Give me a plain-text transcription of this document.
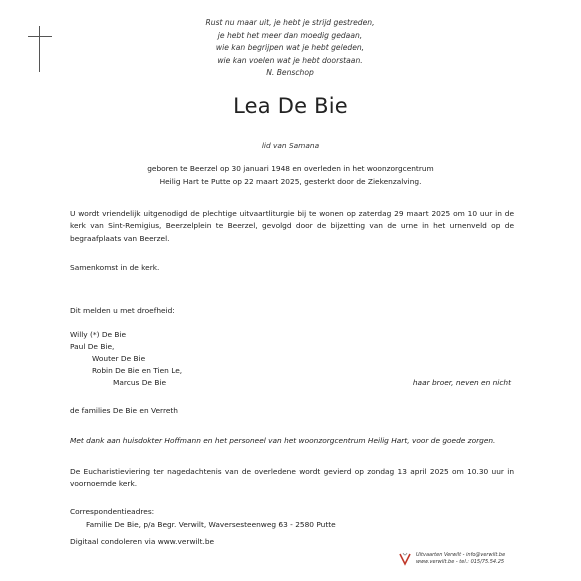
Rust nu maar uit, je hebt je strijd gestreden,
je hebt het meer dan moedig gedaan,
wie kan begrijpen wat je hebt geleden,
wie kan voelen wat je hebt doorstaan.
N. Benschop
Lea De Bie
lid van Samana
geboren te Beerzel op 30 januari 1948 en overleden in het woonzorgcentrum
Heilig Hart te Putte op 22 maart 2025, gesterkt door de Ziekenzalving.
U wordt vriendelijk uitgenodigd de plechtige uitvaartliturgie bij te wonen op zaterdag 29 maart 2025 om 10 uur in de kerk van Sint-Remigius, Beerzelplein te Beerzel, gevolgd door de bijzetting van de urne in het urnenveld op de begraafplaats van Beerzel.
Samenkomst in de kerk.
Dit melden u met droefheid:
Willy (*) De Bie
Paul De Bie,
Wouter De Bie
Robin De Bie en Tien Le,
Marcus De Bie	haar broer, neven en nicht
de families De Bie en Verreth
Met dank aan huisdokter Hoffmann en het personeel van het woonzorgcentrum Heilig Hart, voor de goede zorgen.
De Eucharistieviering ter nagedachtenis van de overledene wordt gevierd op zondag 13 april 2025 om 10.30 uur in voornoemde kerk.
Correspondentieadres:
Familie De Bie, p/a Begr. Verwilt, Waversesteenweg 63 - 2580 Putte
Digitaal condoleren via www.verwilt.be
Uitvaarten Verwilt - info@verwilt.be
www.verwilt.be - tel.: 015/75.54.25
